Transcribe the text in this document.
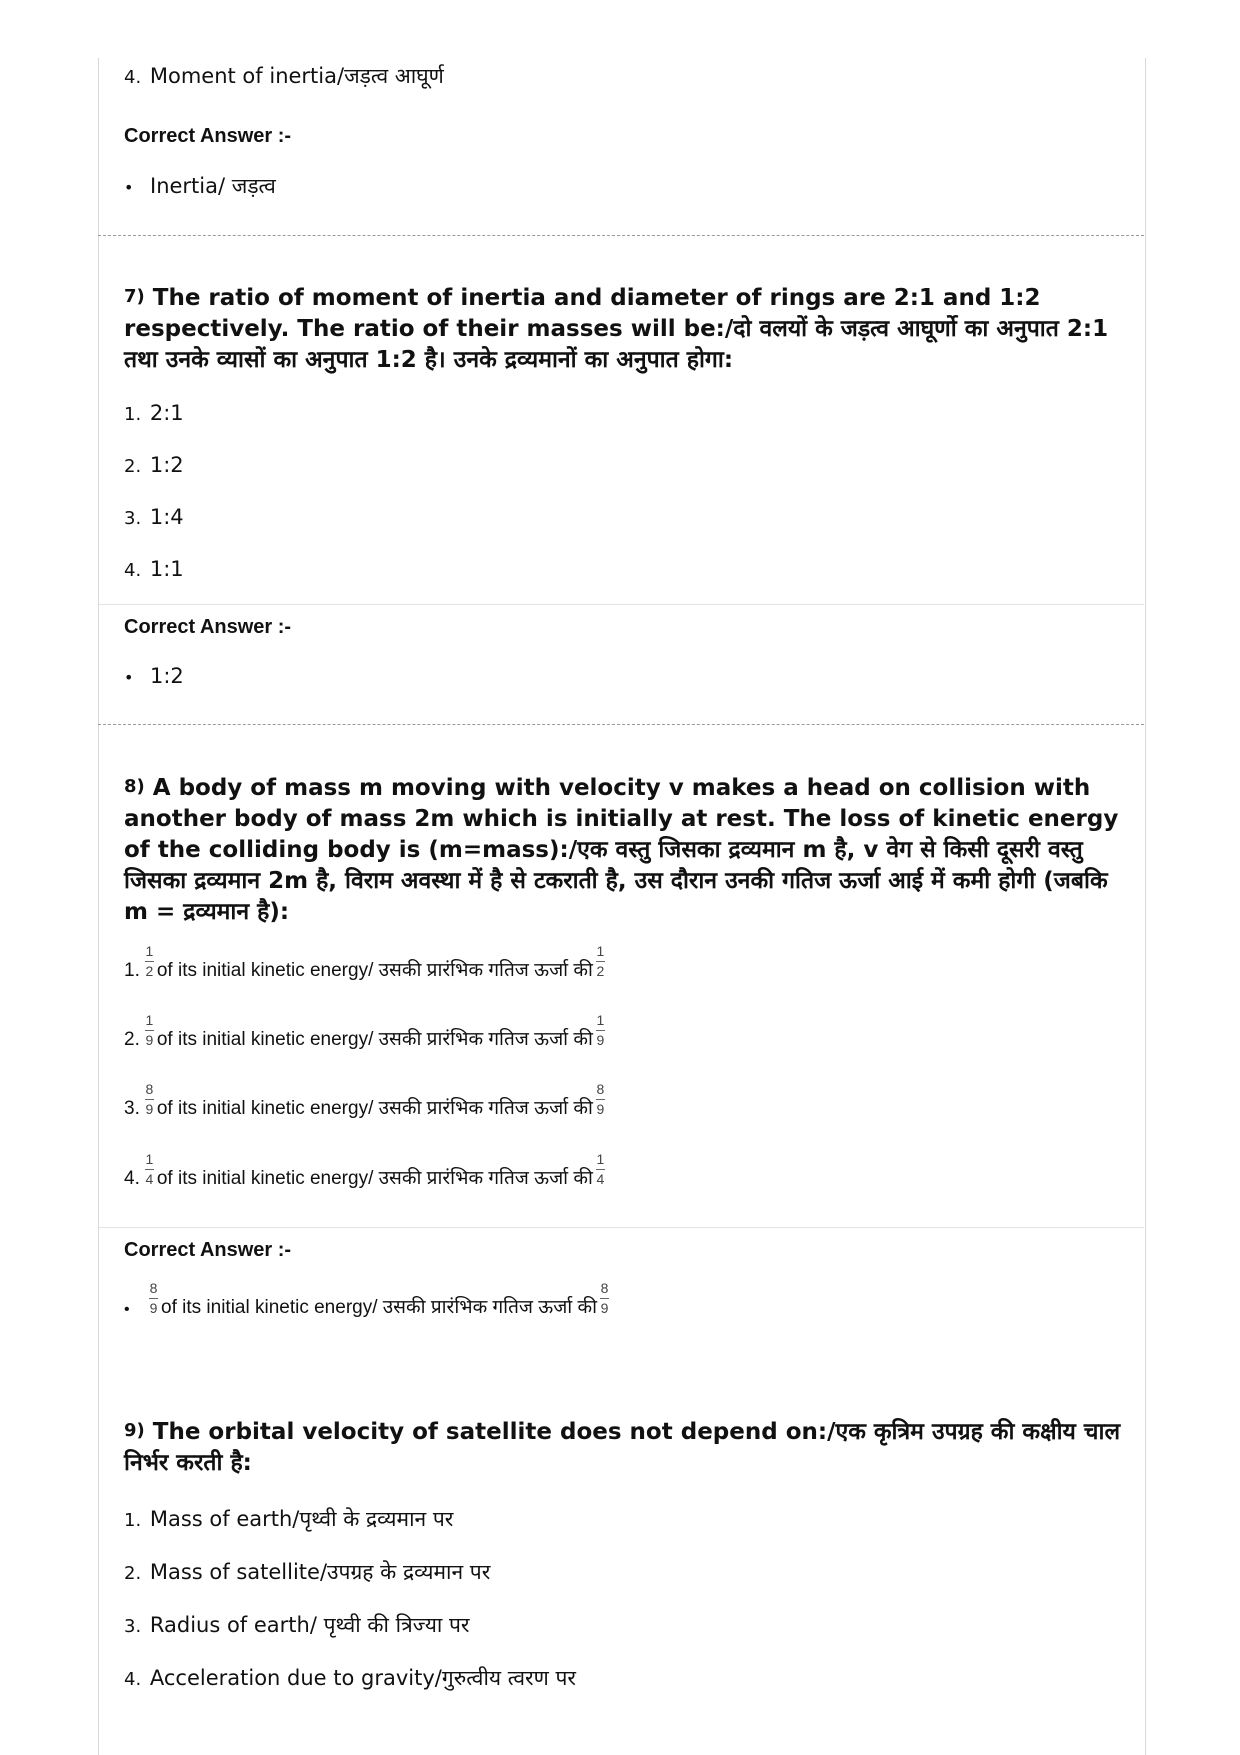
4. Moment of inertia/जड़त्व आघूर्ण
Correct Answer :-
• Inertia/ जड़त्व
7) The ratio of moment of inertia and diameter of rings are 2:1 and 1:2 respectively. The ratio of their masses will be:/दो वलयों के जड़त्व आघूर्णो का अनुपात 2:1 तथा उनके व्यासों का अनुपात 1:2 है। उनके द्रव्यमानों का अनुपात होगा:
1. 2:1
2. 1:2
3. 1:4
4. 1:1
Correct Answer :-
• 1:2
8) A body of mass m moving with velocity v makes a head on collision with another body of mass 2m which is initially at rest. The loss of kinetic energy of the colliding body is (m=mass):/एक वस्तु जिसका द्रव्यमान m है, v वेग से किसी दूसरी वस्तु जिसका द्रव्यमान 2m है, विराम अवस्था में है से टकराती है, उस दौरान उनकी गतिज ऊर्जा आई में कमी होगी (जबकि m = द्रव्यमान है):
1. $\frac{1}{2}$ of its initial kinetic energy/ उसकी प्रारंभिक गतिज ऊर्जा की $\frac{1}{2}$
2. $\frac{1}{9}$ of its initial kinetic energy/ उसकी प्रारंभिक गतिज ऊर्जा की $\frac{1}{9}$
3. $\frac{8}{9}$ of its initial kinetic energy/ उसकी प्रारंभिक गतिज ऊर्जा की $\frac{8}{9}$
4. $\frac{1}{4}$ of its initial kinetic energy/ उसकी प्रारंभिक गतिज ऊर्जा की $\frac{1}{4}$
Correct Answer :-
•	$\frac{8}{9}$ of its initial kinetic energy/ उसकी प्रारंभिक गतिज ऊर्जा की $\frac{8}{9}$
9) The orbital velocity of satellite does not depend on:/एक कृत्रिम उपग्रह की कक्षीय चाल निर्भर करती है:
1. Mass of earth/पृथ्वी के द्रव्यमान पर
2. Mass of satellite/उपग्रह के द्रव्यमान पर
3. Radius of earth/ पृथ्वी की त्रिज्या पर
4. Acceleration due to gravity/गुरुत्वीय त्वरण पर
